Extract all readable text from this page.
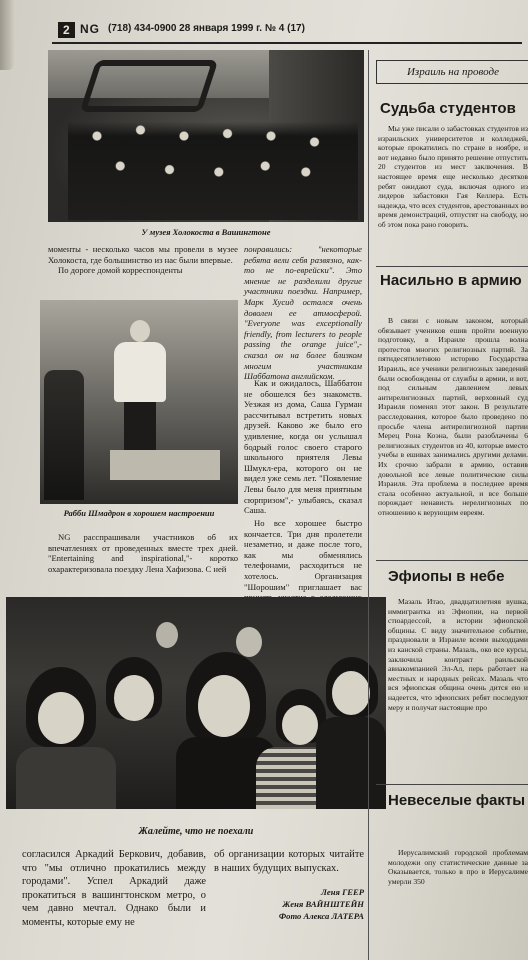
2 NG (718) 434-0900 28 января 1999 г. № 4 (17)
У музея Холокоста в Вашингтоне

моменты - несколько часов мы провели в музее Холокоста, где большинство из нас были впервые.

По дороге домой корреспонденты

Рабби Шмадрон в хорошем настроении

NG расспрашивали участников об их впечатлениях от проведенных вместе трех дней. "Entertaining and inspirational,"- коротко охарактеризовала поездку Лена Хафизова. С ней

понравились: "некоторые ребята вели себя развязно, как-то не по-еврейски". Это мнение не разделили другие участники поездки. Например, Марк Хусид остался очень доволен ее атмосферой. "Everyone was exceptionally friendly, from lecturers to people passing the orange juice",- сказал он на более близком многим участникам Шаббатона английском.

Как и ожидалось, Шаббатон не обошелся без знакомств. Уезжая из дома, Саша Гурман рассчитывал встретить новых друзей. Каково же было его удивление, когда он услышал бодрый голос своего старого школьного приятеля Левы Шмукл-ера, которого он не видел уже семь лет. "Появление Левы было для меня приятным сюрпризом",- улыбаясь, сказал Саша.

Но все хорошее быстро кончается. Три дня пролетели незаметно, и даже после того, как мы обменялись телефонами, расходиться не хотелось. Организация "Шорошим" приглашает вас

Жалейте, что не поехали

согласился Аркадий Беркович, добавив, что "мы отлично прокатились между городами". Успел Аркадий даже прокатиться в вашингтонском метро, о чем давно мечтал. Однако были и моменты, которые ему не

об организации которых читайте в наших будущих выпусках.

Леня ГЕЕР
Женя ВАЙНШТЕЙН
Фото Алекса ЛАТЕРА
Израиль на проводе
Судьба студентов

Мы уже писали о забастовках студентов из израильских университетов и колледжей, которые прокатились по стране в ноябре, и вот недавно было принято решение отпустить 20 студентов из мест заключения. В настоящее время еще несколько десятков ребят ожидают суда, включая одного из лидеров забастовки Гая Келлера. Есть надежда, что всех студентов, арестованных во время демонстраций, отпустят на свободу, но об этом пока рано говорить.

Насильно в армию

В связи с новым законом, который обязывает учеников ешив пройти военную подготовку, в Израиле прошла волна протестов многих религиозных партий. За пятидесятилетнюю историю Государства Израиль, все ученики религиозных заведений были освобождены от службы в армии, и вот, под сильным давлением левых антирелигиозных партий, верховный суд Израиля поменял этот закон. В результате расследования, которое было проведено по просьбе члена антирелигиозной партии Мерец Рона Коэна, были разоблачены 6 религиозных студентов из 40, которые вместо учебы в ешивах занимались другими делами. Их срочно забрали в армию, оставив довольной все левые политические силы Израиля. Эта проблема в последнее время стала особенно актуальной, и все больше порождает ненависть нерелигиозных по отношению к верующим евреям.

Эфиопы в небе

Мазаль Итао, двадцатилетняя вушка, иммигрантка из Эфиопии, на первой стюардессой, в истории эфиопской общины. С виду значительное событие, праздновали в Израиле всеми выходцами из канской страны. Мазаль, око все курсы, заключила контракт раильской авиакомпанией Эл-Ал, перь работает на местных и народных рейсах. Мазаль что вся эфиопская община очень дится ею и надеется, что эфиопских ребят последуют меру и получат настоящие про

Невеселые факты

Иерусалимский городской проблемам молодежи опу статистические данные за Оказывается, только в про в Иерусалиме умерли 350
